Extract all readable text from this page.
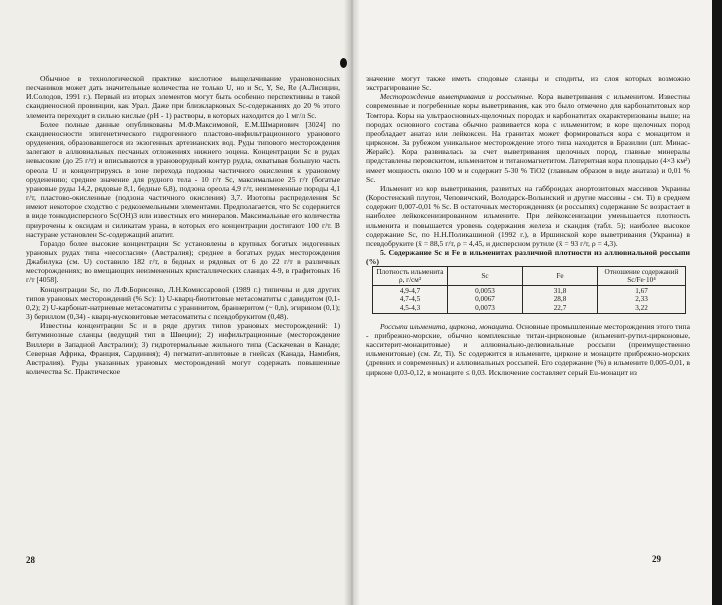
Обычное в технологической практике кислотное выщелачивание урановоносных песчаников может дать значительные количества не только U, но и Sc, Y, Se, Re (А.Лисицин, И.Солодов, 1991 г.). Первый из вторых элементов могут быть особенно перспективны в такой скандиеносной провинции, как Урал. Даже при близкларковых Sc-содержаниях до 20 % этого элемента переходит в сильно кислые (pH - 1) растворы, в которых находится до 1 мг/л Sc.

Более полные данные опубликованы М.Ф.Максимовой, Е.М.Шмариович [3024] по скандиеносности эпигенетического гидрогенного пластово-инфильтрационного уранового оруденения, образовавшегося из экзогенных артезианских вод. Руды типового месторождения залегают в аллювиальных песчаных отложениях нижнего эоцена. Концентрации Sc в рудах невысокие (до 25 г/т) и вписываются в урановорудный контур рудла, охватывая большую часть ореола U и концентрируясь в зоне перехода подзоны частичного окисления к урановому оруденению; среднее значение для рудного тела - 10 г/т Sc, максимальное 25 г/т (богатые урановые руды 14,2, рядовые 8,1, бедные 6,8), подзона ореола 4,9 г/т, неизмененные породы 4,1 г/т, пластово-окисленные (подзона частичного окисления) 3,7. Изотопы распределения Sc имеют некоторое сходство с редкоземельными элементами. Предполагается, что Sc содержится в виде тонкодисперсного Sc(OH)3 или известных его минералов. Максимальные его количества приурочены к оксидам и силикатам урана, в которых его концентрации достигают 100 г/т. В настуране установлен Sc-содержащий апатит.

Гораздо более высокие концентрации Sc установлены в крупных богатых эндогенных урановых рудах типа «несогласия» (Австралия); среднее в богатых рудах месторождения Джабилука (см. U) составило 182 г/т, в бедных и рядовых от 6 до 22 г/т в различных месторождениях; во вмещающих неизмененных кристаллических сланцах 4-9, в графитовых 16 г/т [4058].

Концентрации Sc, по Л.Ф.Борисенко, Л.Н.Комиссаровой (1989 г.) типичны и для других типов урановых месторождений (% Sc): 1) U-кварц-биотитовые метасоматиты с давидитом (0,1-0,2); 2) U-карбонат-натриевые метасоматиты с уранинитом, браннеритом (~ 0,n), эгирином (0,1); 3) бериллом (0,34) - кварц-мусковитовые метасоматиты с псевдобрукитом (0,48).

Известны концентрации Sc и в ряде других типов урановых месторождений: 1) битуминозные сланцы (ведущий тип в Швеции); 2) инфильтрационные (месторождение Виллери в Западной Австралии); 3) гидротермальные жильного типа (Саскачеван в Канаде; Северная Африка, Франция, Сардиния); 4) пегматит-аплитовые в гнейсах (Канада, Намибия, Австралия). Руды указанных урановых месторождений могут содержать повышенные количества Sc. Практическое

28

значение могут также иметь сподовые сланцы и сподиты, из слоя которых возможно экстрагирование Sc.

Месторождения выветривания и россыпные. Кора выветривания с ильменитом. Известны современные и погребенные коры выветривания, как это было отмечено для карбонатитовых кор Томтора. Коры на ультраосновных-щелочных породах и карбонатитах охарактеризованы выше; на породах основного состава обычно развивается кора с ильменитом; в коре щелочных пород преобладает анатаз или лейкоксен. На гранитах может формироваться кора с монацитом и цирконом. За рубежом уникальное месторождение этого типа находится в Бразилии (шт. Минас-Жерайс). Кора развивалась за счет выветривания щелочных пород, главные минералы представлены перовскитом, ильменитом и титаномагнетитом. Латеритная кора площадью (4×3 км²) имеет мощность около 100 м и содержит 5-30 % TiO2 (главным образом в виде анатаза) и 0,01 % Sc.

Ильменит из кор выветривания, развитых на габброидах анортозитовых массивов Украины (Коростенский плутон, Чеповичский, Володарск-Волынский и другие массивы - см. Ti) в среднем содержит 0,007-0,01 % Sc. В остаточных месторождениях (и россыпях) содержание Sc возрастает в наиболее лейкоксенизированном ильмените. При лейкоксенизации уменьшается плотность ильменита и повышается уровень содержания железа и скандия (табл. 5); наиболее высокое содержание Sc, по Н.Н.Поликашиной (1992 г.), в Иршинской коре выветривания (Украина) в псевдобруките (x̄ = 88,5 г/т, ρ = 4,45, и дисперсном рутиле (x̄ = 93 г/т, ρ = 4,3).

5. Содержание Sc и Fe в ильменитах различной плотности из аллювиальной россыпи (%)

Плотность ильменита ρ, г/см³	Sc	Fe	Отношение содержаний Sc/Fe·10⁴
4,9-4,7	0,0053	31,8	1,67
4,7-4,5	0,0067	28,8	2,33
4,5-4,3	0,0073	22,7	3,22

Россыпи ильменита, циркона, монацита. Основные промышленные месторождения этого типа - прибрежно-морские, обычно комплексные титан-цирконовые (ильменит-рутил-цирконовые, касситерит-монацитовые) и аллювиально-делювиальные россыпи (преимущественно ильменитовые) (см. Zr, Ti). Sc содержится в ильмените, цирконе и монаците прибрежно-морских (древних и современных) и аллювиальных россыпей. Его содержание (%) в ильмените 0,005-0,01, в цирконе 0,03-0,12, в монаците ≤ 0,03. Исключение составляет серый Eu-монацит из

29
